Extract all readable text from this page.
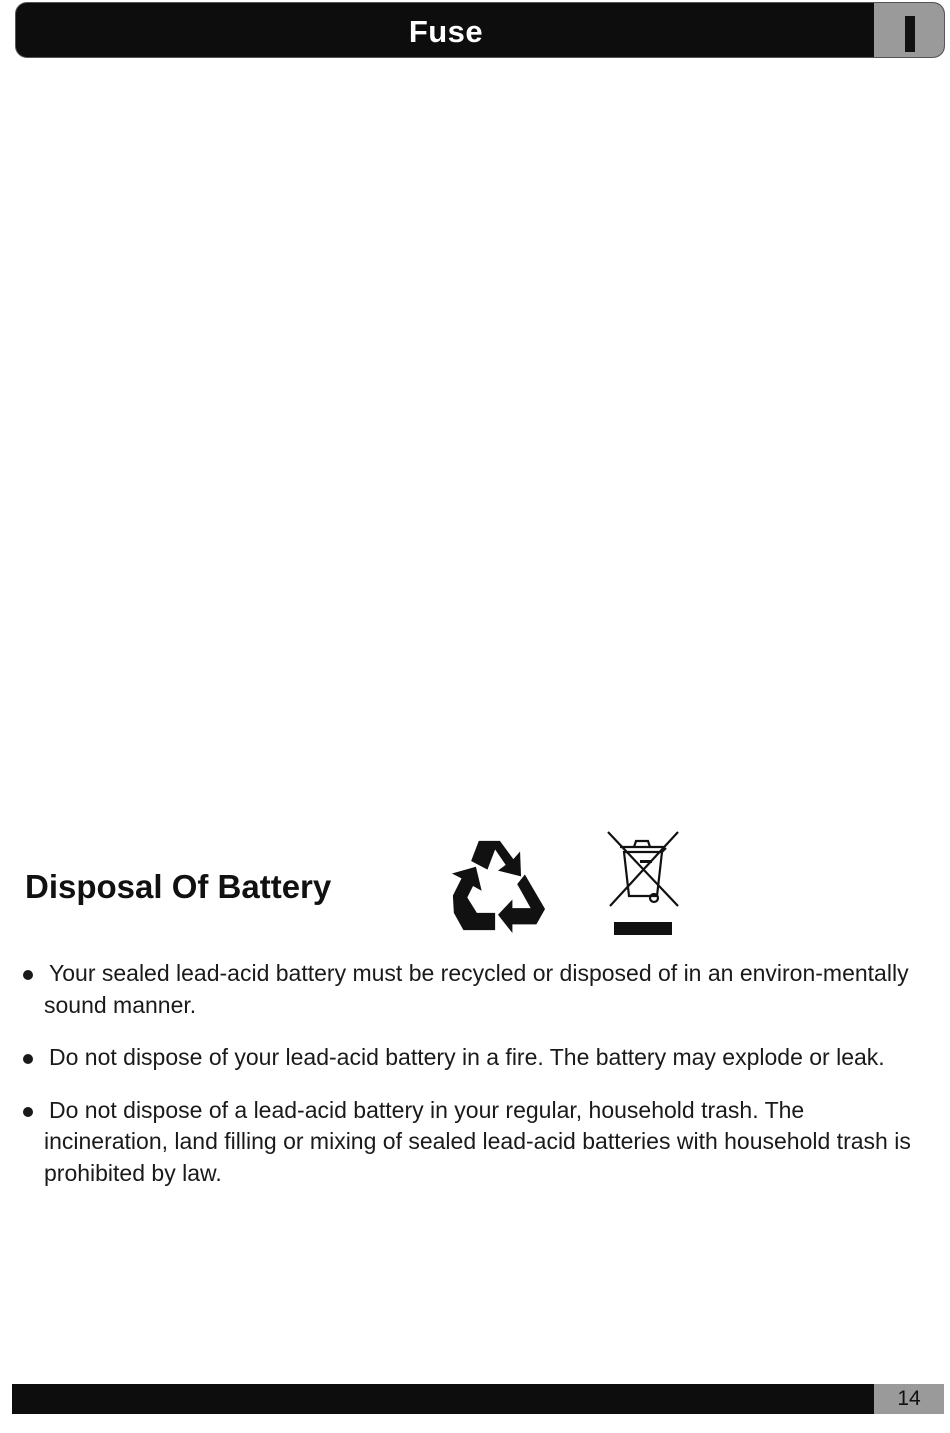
Fuse
Disposal Of Battery
Your sealed lead-acid battery must be recycled or disposed of in an environ-mentally sound manner.
Do not dispose of your lead-acid battery in a fire. The battery may explode or leak.
Do not dispose of a lead-acid battery in your regular, household trash. The incineration, land filling or mixing of sealed lead-acid batteries with household trash is prohibited by law.
14
